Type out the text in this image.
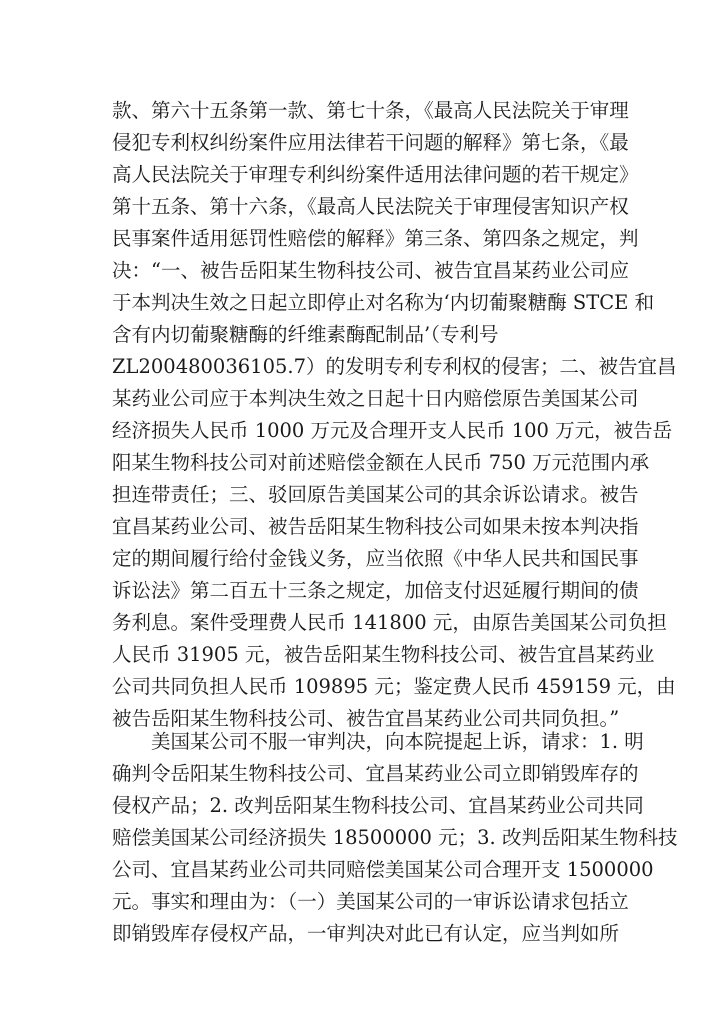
款、第六十五条第一款、第七十条，《最高人民法院关于审理
侵犯专利权纠纷案件应用法律若干问题的解释》第七条，《最
高人民法院关于审理专利纠纷案件适用法律问题的若干规定》
第十五条、第十六条，《最高人民法院关于审理侵害知识产权
民事案件适用惩罚性赔偿的解释》第三条、第四条之规定，判
决：“一、被告岳阳某生物科技公司、被告宜昌某药业公司应
于本判决生效之日起立即停止对名称为‘内切葡聚糖酶 STCE 和
含有内切葡聚糖酶的纤维素酶配制品’（专利号
ZL200480036105.7）的发明专利专利权的侵害；二、被告宜昌
某药业公司应于本判决生效之日起十日内赔偿原告美国某公司
经济损失人民币 1000 万元及合理开支人民币 100 万元，被告岳
阳某生物科技公司对前述赔偿金额在人民币 750 万元范围内承
担连带责任；三、驳回原告美国某公司的其余诉讼请求。被告
宜昌某药业公司、被告岳阳某生物科技公司如果未按本判决指
定的期间履行给付金钱义务，应当依照《中华人民共和国民事
诉讼法》第二百五十三条之规定，加倍支付迟延履行期间的债
务利息。案件受理费人民币 141800 元，由原告美国某公司负担
人民币 31905 元，被告岳阳某生物科技公司、被告宜昌某药业
公司共同负担人民币 109895 元；鉴定费人民币 459159 元，由
被告岳阳某生物科技公司、被告宜昌某药业公司共同负担。”
美国某公司不服一审判决，向本院提起上诉，请求：1. 明
确判令岳阳某生物科技公司、宜昌某药业公司立即销毁库存的
侵权产品；2. 改判岳阳某生物科技公司、宜昌某药业公司共同
赔偿美国某公司经济损失 18500000 元；3. 改判岳阳某生物科技
公司、宜昌某药业公司共同赔偿美国某公司合理开支 1500000
元。事实和理由为：（一）美国某公司的一审诉讼请求包括立
即销毁库存侵权产品，一审判决对此已有认定，应当判如所
